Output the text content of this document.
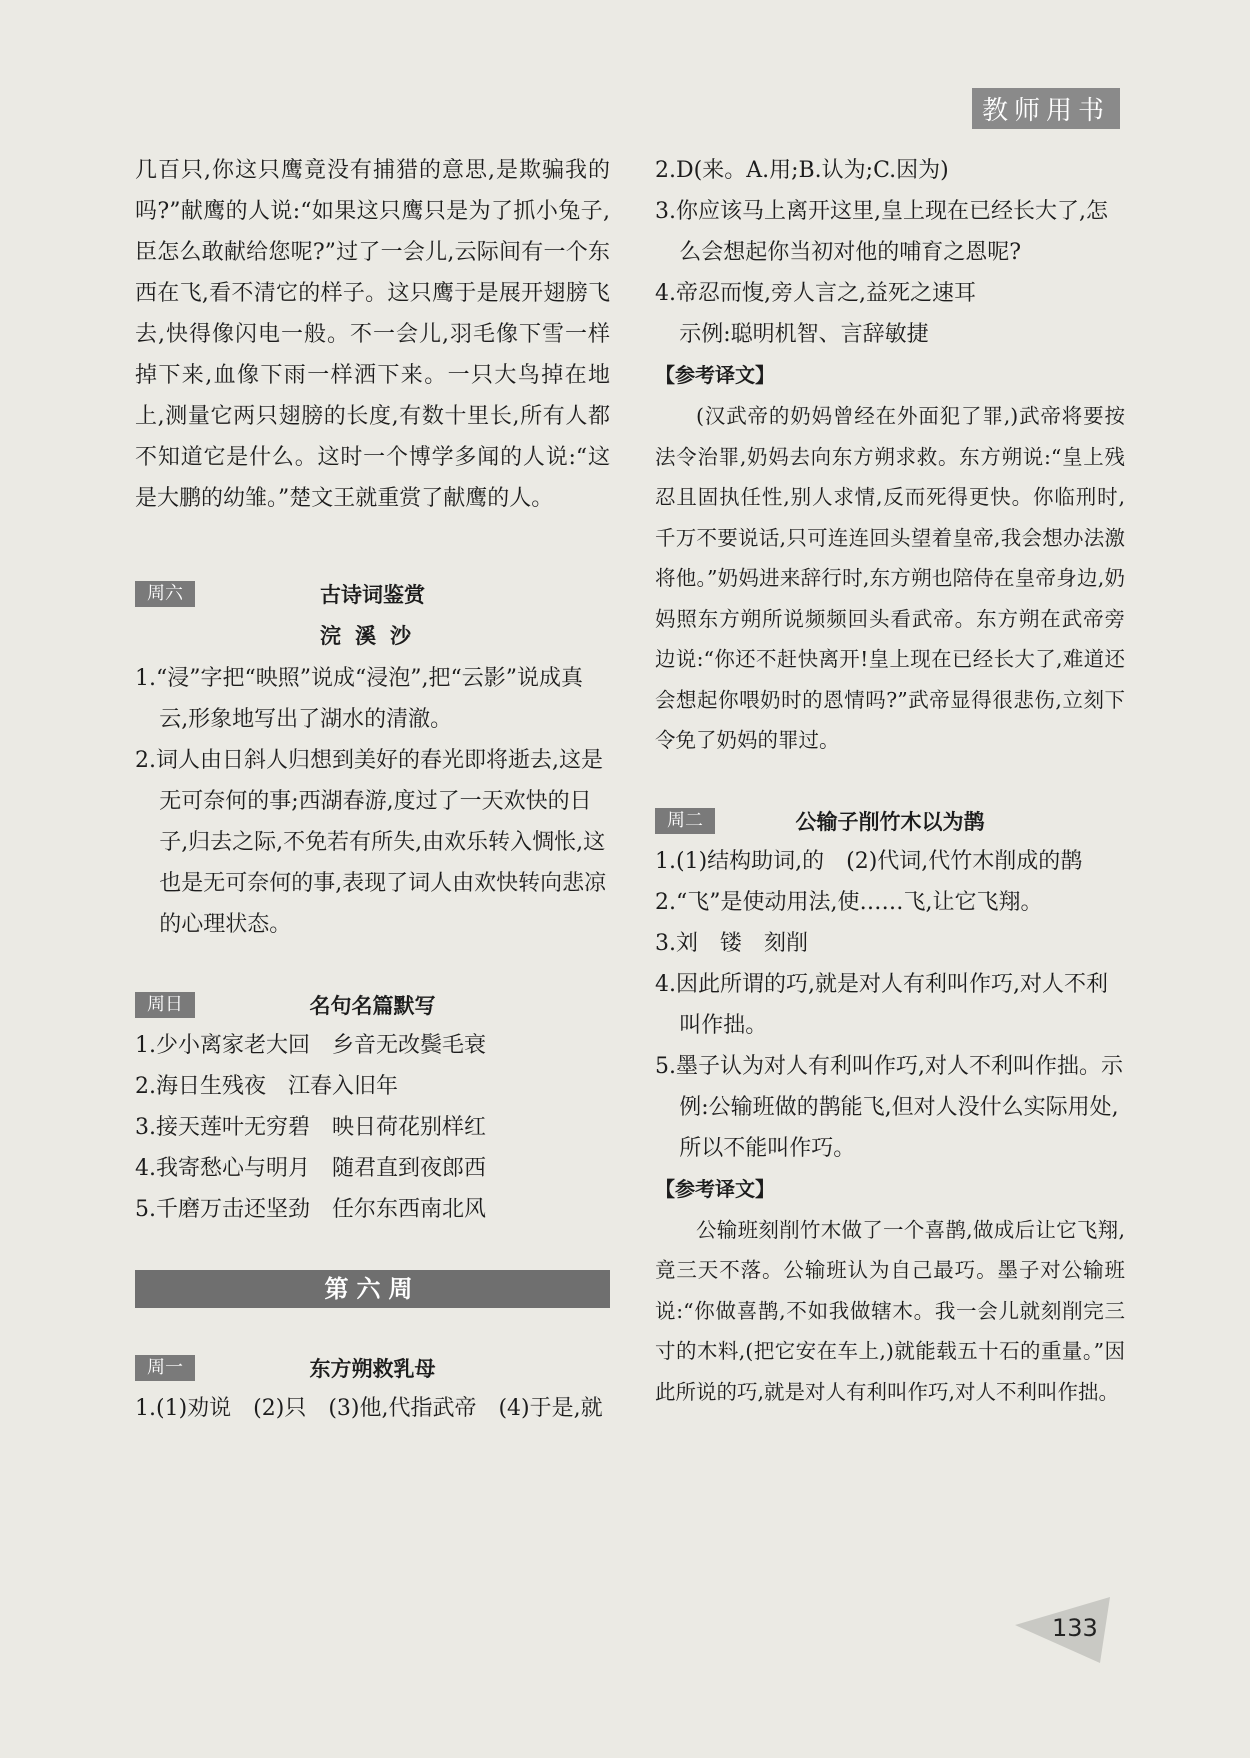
教师用书

几百只,你这只鹰竟没有捕猎的意思,是欺骗我的吗?”献鹰的人说:“如果这只鹰只是为了抓小兔子,臣怎么敢献给您呢?”过了一会儿,云际间有一个东西在飞,看不清它的样子。这只鹰于是展开翅膀飞去,快得像闪电一般。不一会儿,羽毛像下雪一样掉下来,血像下雨一样洒下来。一只大鸟掉在地上,测量它两只翅膀的长度,有数十里长,所有人都不知道它是什么。这时一个博学多闻的人说:“这是大鹏的幼雏。”楚文王就重赏了献鹰的人。

周六	古诗词鉴赏

浣溪沙

1.“浸”字把“映照”说成“浸泡”,把“云影”说成真云,形象地写出了湖水的清澈。

2.词人由日斜人归想到美好的春光即将逝去,这是无可奈何的事;西湖春游,度过了一天欢快的日子,归去之际,不免若有所失,由欢乐转入惆怅,这也是无可奈何的事,表现了词人由欢快转向悲凉的心理状态。

周日	名句名篇默写

1.少小离家老大回　乡音无改鬓毛衰

2.海日生残夜　江春入旧年

3.接天莲叶无穷碧　映日荷花别样红

4.我寄愁心与明月　随君直到夜郎西

5.千磨万击还坚劲　任尔东西南北风

第六周
周一	东方朔救乳母

1.(1)劝说　(2)只　(3)他,代指武帝　(4)于是,就

2.D(来。A.用;B.认为;C.因为)

3.你应该马上离开这里,皇上现在已经长大了,怎么会想起你当初对他的哺育之恩呢?

4.帝忍而愎,旁人言之,益死之速耳

示例:聪明机智、言辞敏捷

【参考译文】

(汉武帝的奶妈曾经在外面犯了罪,)武帝将要按法令治罪,奶妈去向东方朔求救。东方朔说:“皇上残忍且固执任性,别人求情,反而死得更快。你临刑时,千万不要说话,只可连连回头望着皇帝,我会想办法激将他。”奶妈进来辞行时,东方朔也陪侍在皇帝身边,奶妈照东方朔所说频频回头看武帝。东方朔在武帝旁边说:“你还不赶快离开!皇上现在已经长大了,难道还会想起你喂奶时的恩情吗?”武帝显得很悲伤,立刻下令免了奶妈的罪过。

周二	公输子削竹木以为鹊

1.(1)结构助词,的　(2)代词,代竹木削成的鹊

2.“飞”是使动用法,使……飞,让它飞翔。

3.刘　镂　刻削

4.因此所谓的巧,就是对人有利叫作巧,对人不利叫作拙。

5.墨子认为对人有利叫作巧,对人不利叫作拙。示例:公输班做的鹊能飞,但对人没什么实际用处,所以不能叫作巧。

【参考译文】

公输班刻削竹木做了一个喜鹊,做成后让它飞翔,竟三天不落。公输班认为自己最巧。墨子对公输班说:“你做喜鹊,不如我做辖木。我一会儿就刻削完三寸的木料,(把它安在车上,)就能载五十石的重量。”因此所说的巧,就是对人有利叫作巧,对人不利叫作拙。

133
